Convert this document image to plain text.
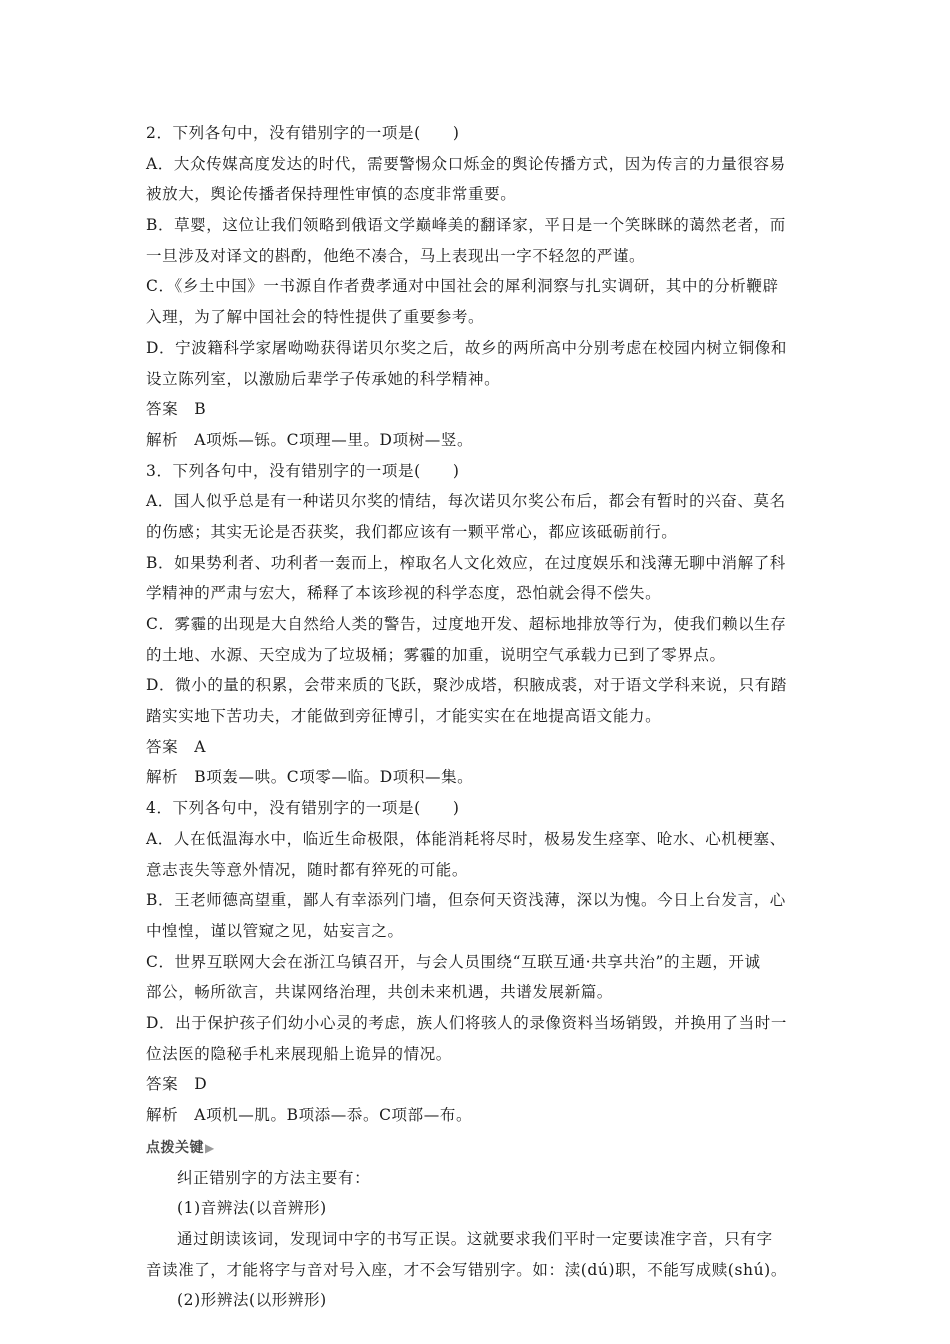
2．下列各句中，没有错别字的一项是(　　)
A．大众传媒高度发达的时代，需要警惕众口烁金的舆论传播方式，因为传言的力量很容易
被放大，舆论传播者保持理性审慎的态度非常重要。
B．草婴，这位让我们领略到俄语文学巅峰美的翻译家，平日是一个笑眯眯的蔼然老者，而
一旦涉及对译文的斟酌，他绝不凑合，马上表现出一字不轻忽的严谨。
C．《乡土中国》一书源自作者费孝通对中国社会的犀利洞察与扎实调研，其中的分析鞭辟
入理，为了解中国社会的特性提供了重要参考。
D．宁波籍科学家屠呦呦获得诺贝尔奖之后，故乡的两所高中分别考虑在校园内树立铜像和
设立陈列室，以激励后辈学子传承她的科学精神。
答案　B
解析　A项烁—铄。C项理—里。D项树—竖。
3．下列各句中，没有错别字的一项是(　　)
A．国人似乎总是有一种诺贝尔奖的情结，每次诺贝尔奖公布后，都会有暂时的兴奋、莫名
的伤感；其实无论是否获奖，我们都应该有一颗平常心，都应该砥砺前行。
B．如果势利者、功利者一轰而上，榨取名人文化效应，在过度娱乐和浅薄无聊中消解了科
学精神的严肃与宏大，稀释了本该珍视的科学态度，恐怕就会得不偿失。
C．雾霾的出现是大自然给人类的警告，过度地开发、超标地排放等行为，使我们赖以生存
的土地、水源、天空成为了垃圾桶；雾霾的加重，说明空气承载力已到了零界点。
D．微小的量的积累，会带来质的飞跃，聚沙成塔，积腋成裘，对于语文学科来说，只有踏
踏实实地下苦功夫，才能做到旁征博引，才能实实在在地提高语文能力。
答案　A
解析　B项轰—哄。C项零—临。D项积—集。
4．下列各句中，没有错别字的一项是(　　)
A．人在低温海水中，临近生命极限，体能消耗将尽时，极易发生痉挛、呛水、心机梗塞、
意志丧失等意外情况，随时都有猝死的可能。
B．王老师德高望重，鄙人有幸添列门墙，但奈何天资浅薄，深以为愧。今日上台发言，心
中惶惶，谨以管窥之见，姑妄言之。
C．世界互联网大会在浙江乌镇召开，与会人员围绕“互联互通·共享共治”的主题，开诚
部公，畅所欲言，共谋网络治理，共创未来机遇，共谱发展新篇。
D．出于保护孩子们幼小心灵的考虑，族人们将骇人的录像资料当场销毁，并换用了当时一
位法医的隐秘手札来展现船上诡异的情况。
答案　D
解析　A项机—肌。B项添—忝。C项部—布。
点拨关键▶
纠正错别字的方法主要有：
(1)音辨法(以音辨形)
通过朗读该词，发现词中字的书写正误。这就要求我们平时一定要读准字音，只有字
音读准了，才能将字与音对号入座，才不会写错别字。如：渎(dú)职，不能写成赎(shú)。
(2)形辨法(以形辨形)
